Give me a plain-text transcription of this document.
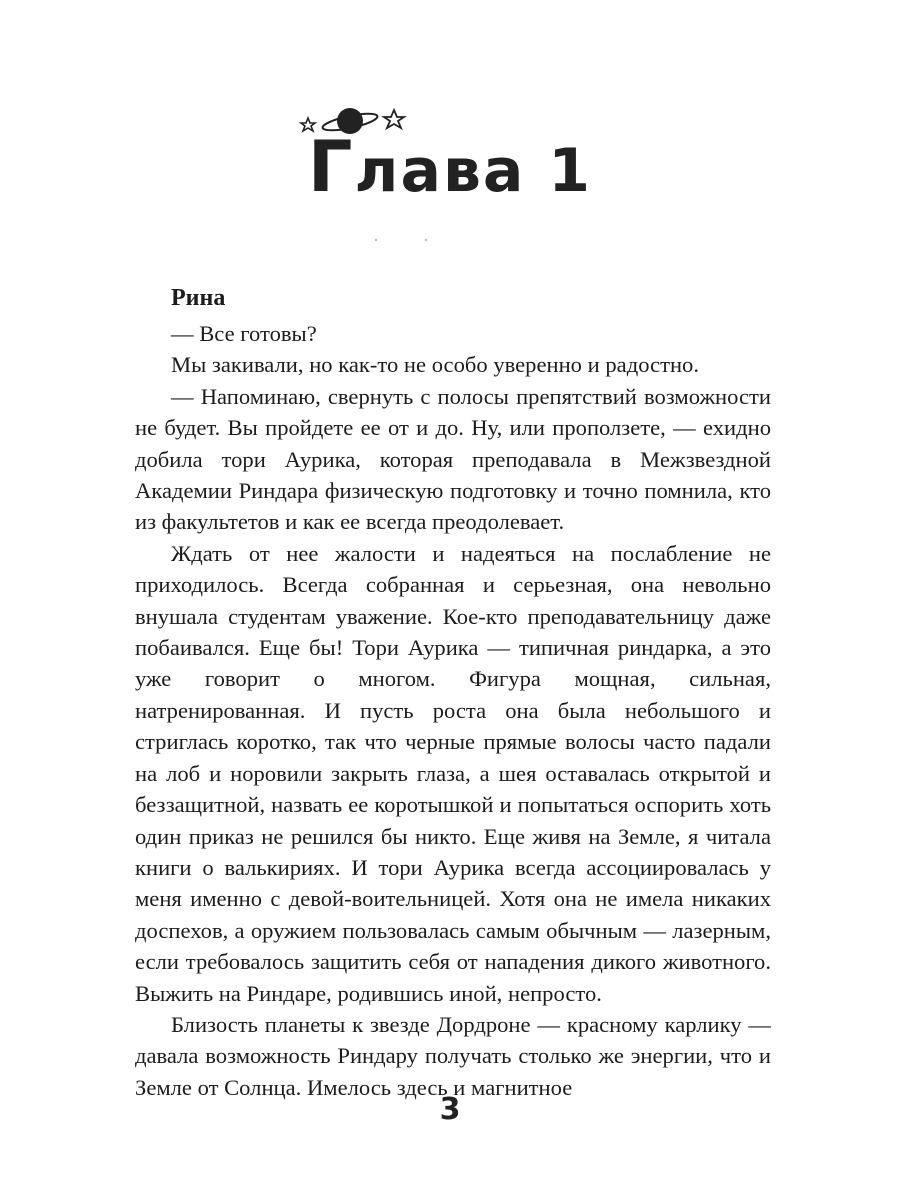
Глава 1

Рина

— Все готовы?

Мы закивали, но как-то не особо уверенно и радостно.

— Напоминаю, свернуть с полосы препятствий возможности не будет. Вы пройдете ее от и до. Ну, или проползете, — ехидно добила тори Аурика, которая преподавала в Межзвездной Академии Риндара физическую подготовку и точно помнила, кто из факультетов и как ее всегда преодолевает.

Ждать от нее жалости и надеяться на послабление не приходилось. Всегда собранная и серьезная, она невольно внушала студентам уважение. Кое-кто преподавательницу даже побаивался. Еще бы! Тори Аурика — типичная риндарка, а это уже говорит о многом. Фигура мощная, сильная, натренированная. И пусть роста она была небольшого и стриглась коротко, так что черные прямые волосы часто падали на лоб и норовили закрыть глаза, а шея оставалась открытой и беззащитной, назвать ее коротышкой и попытаться оспорить хоть один приказ не решился бы никто. Еще живя на Земле, я читала книги о валькириях. И тори Аурика всегда ассоциировалась у меня именно с девой-воительницей. Хотя она не имела никаких доспехов, а оружием пользовалась самым обычным — лазерным, если требовалось защитить себя от нападения дикого животного. Выжить на Риндаре, родившись иной, непросто.

Близость планеты к звезде Дордроне — красному карлику — давала возможность Риндару получать столько же энергии, что и Земле от Солнца. Имелось здесь и магнитное

3
